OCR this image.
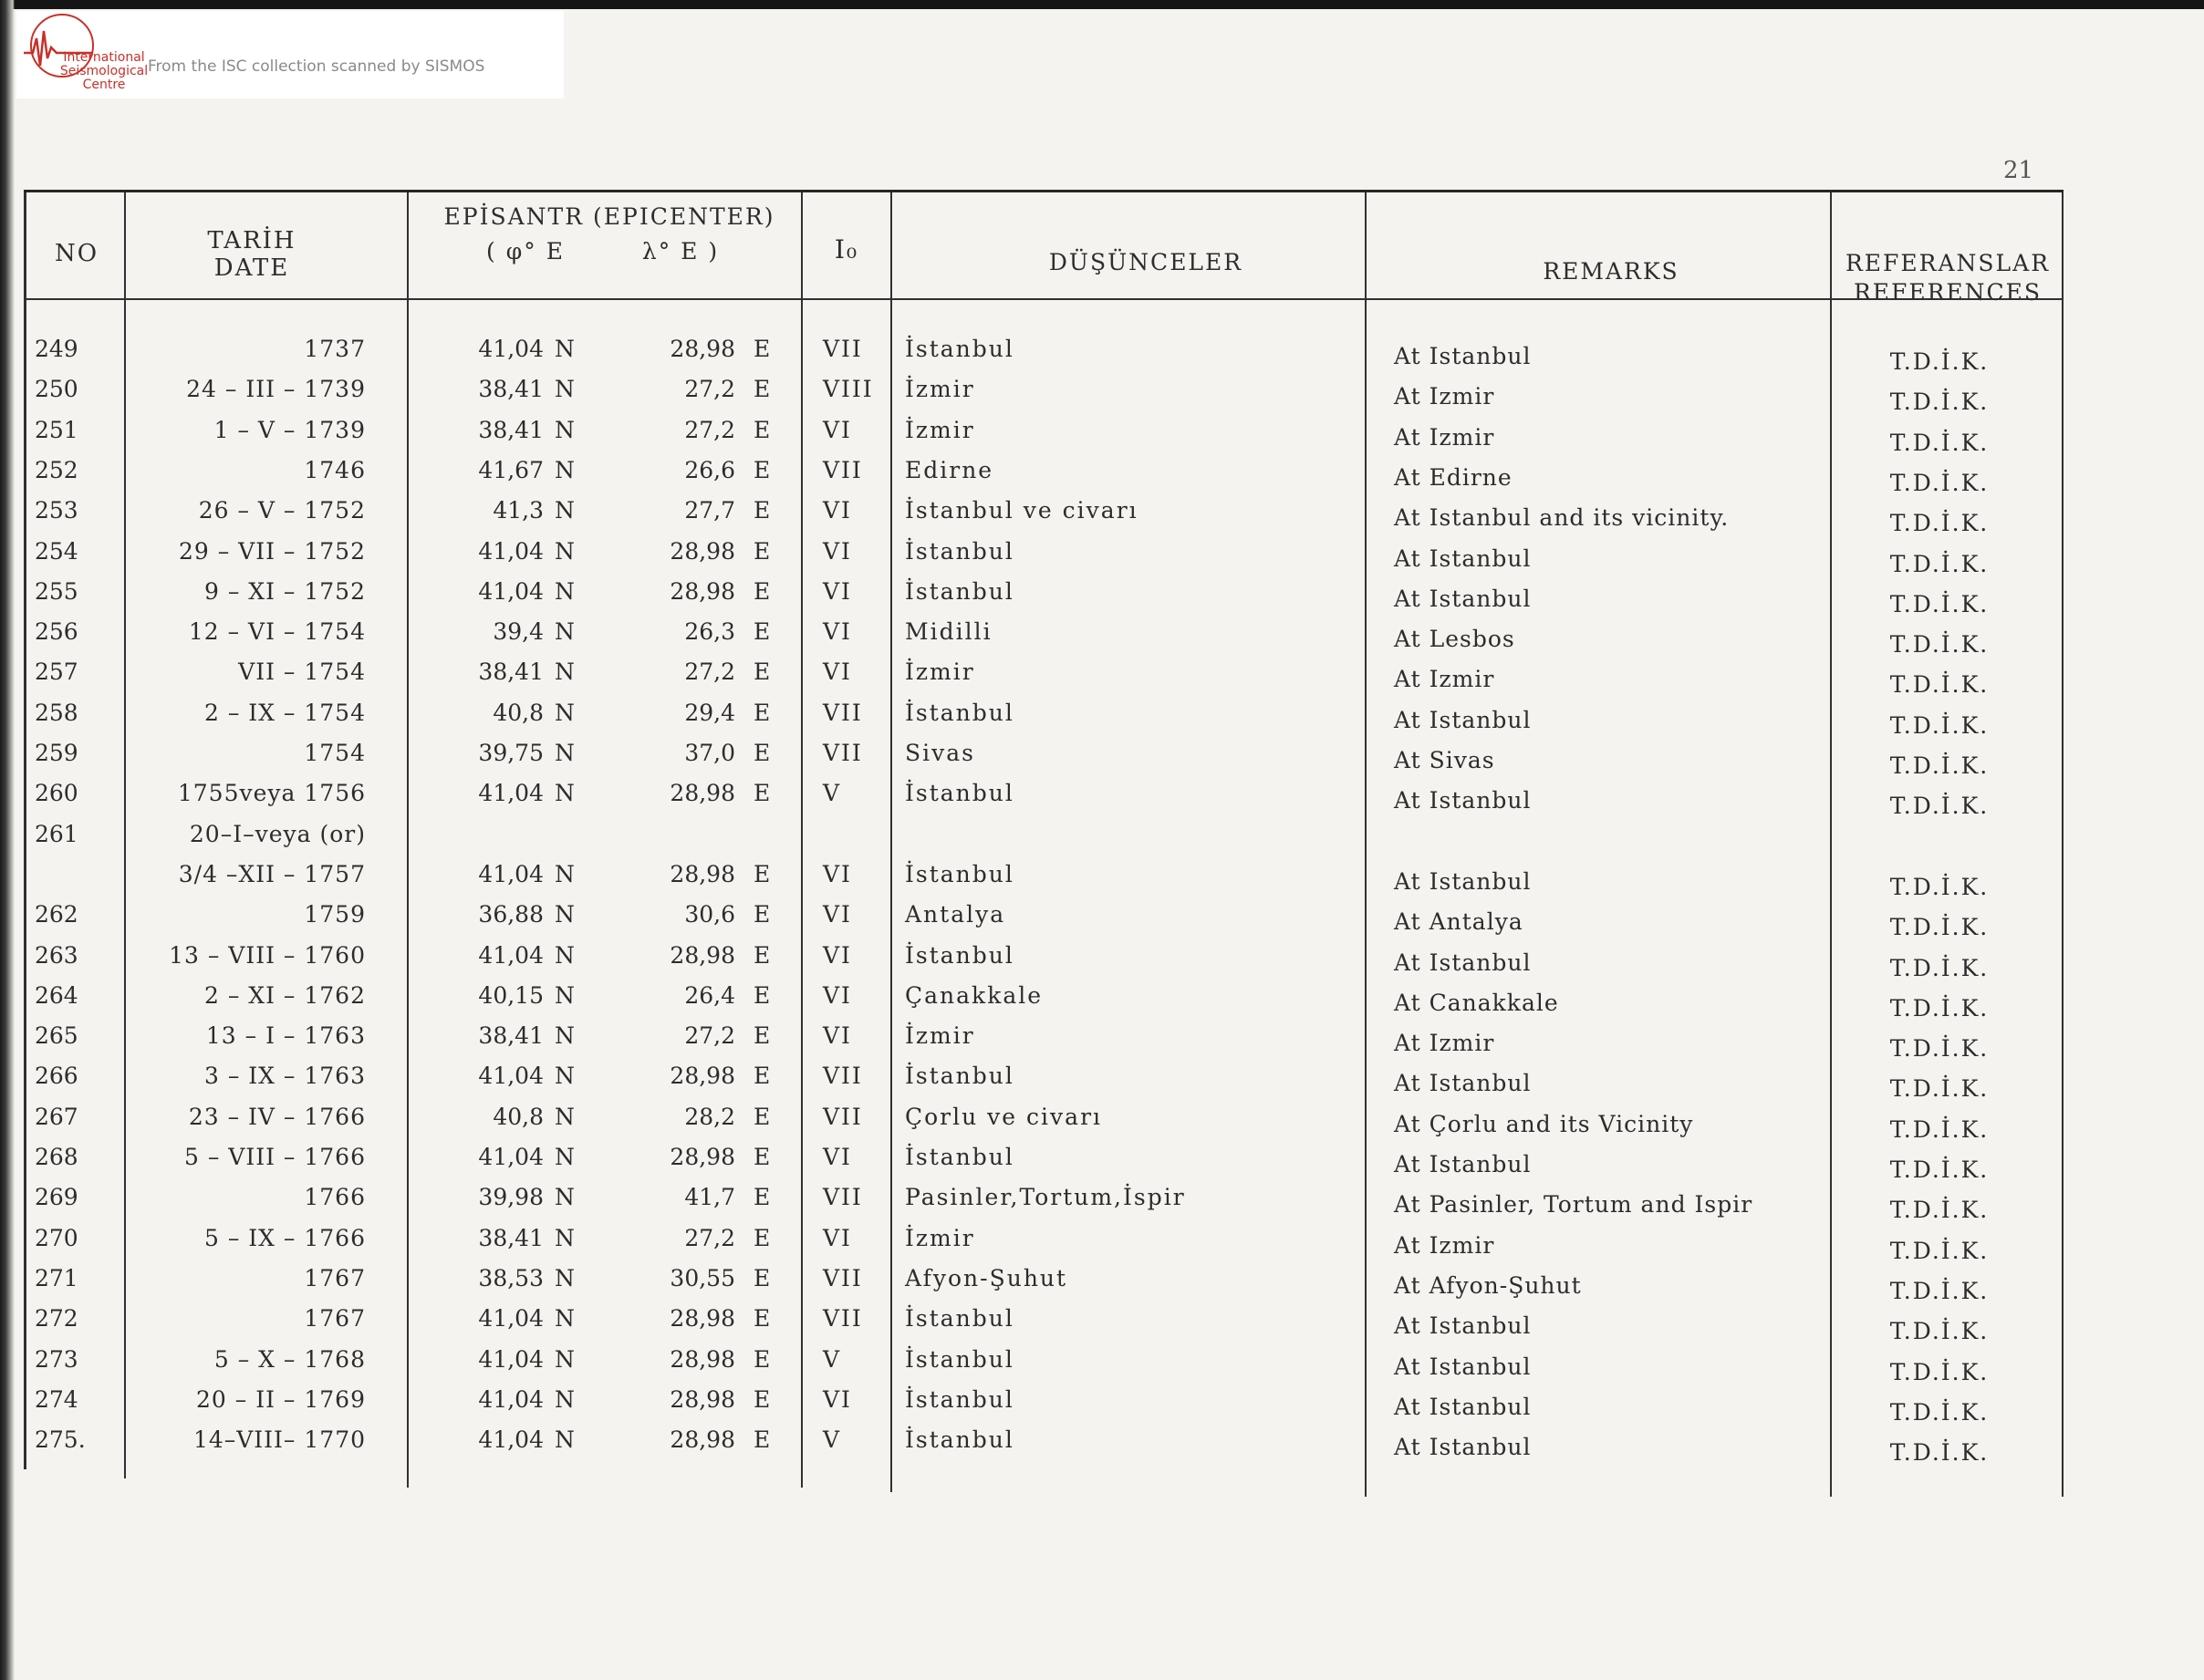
International Seismological Centre
From the ISC collection scanned by SISMOS
21
NO	TARİH
DATE
EPİSANTR (EPICENTER)
( φ° E	λ° E )	I₀	DÜŞÜNCELER	REMARKS	REFERANSLAR
REFERENCES
249	1737	41,04 N	28,98 E	VII	İstanbul	At Istanbul	T.D.İ.K.
250	24 – III – 1739	38,41 N	27,2 E	VIII	İzmir	At Izmir	T.D.İ.K.
251	1 – V – 1739	38,41 N	27,2 E	VI	İzmir	At Izmir	T.D.İ.K.
252	1746	41,67 N	26,6 E	VII	Edirne	At Edirne	T.D.İ.K.
253	26 – V – 1752	41,3 N	27,7 E	VI	İstanbul ve civarı	At Istanbul and its vicinity.	T.D.İ.K.
254	29 – VII – 1752	41,04 N	28,98 E	VI	İstanbul	At Istanbul	T.D.İ.K.
255	9 – XI – 1752	41,04 N	28,98 E	VI	İstanbul	At Istanbul	T.D.İ.K.
256	12 – VI – 1754	39,4 N	26,3 E	VI	Midilli	At Lesbos	T.D.İ.K.
257	VII – 1754	38,41 N	27,2 E	VI	İzmir	At Izmir	T.D.İ.K.
258	2 – IX – 1754	40,8 N	29,4 E	VII	İstanbul	At Istanbul	T.D.İ.K.
259	1754	39,75 N	37,0 E	VII	Sivas	At Sivas	T.D.İ.K.
260	1755veya 1756	41,04 N	28,98 E	V	İstanbul	At Istanbul	T.D.İ.K.
261	20–I–veya (or)
3/4 –XII – 1757	41,04 N	28,98 E	VI	İstanbul	At Istanbul	T.D.İ.K.
262	1759	36,88 N	30,6 E	VI	Antalya	At Antalya	T.D.İ.K.
263	13 – VIII – 1760	41,04 N	28,98 E	VI	İstanbul	At Istanbul	T.D.İ.K.
264	2 – XI – 1762	40,15 N	26,4 E	VI	Çanakkale	At Canakkale	T.D.İ.K.
265	13 – I – 1763	38,41 N	27,2 E	VI	İzmir	At Izmir	T.D.İ.K.
266	3 – IX – 1763	41,04 N	28,98 E	VII	İstanbul	At Istanbul	T.D.İ.K.
267	23 – IV – 1766	40,8 N	28,2 E	VII	Çorlu ve civarı	At Çorlu and its Vicinity	T.D.İ.K.
268	5 – VIII – 1766	41,04 N	28,98 E	VI	İstanbul	At Istanbul	T.D.İ.K.
269	1766	39,98 N	41,7 E	VII	Pasinler,Tortum,İspir	At Pasinler, Tortum and Ispir	T.D.İ.K.
270	5 – IX – 1766	38,41 N	27,2 E	VI	İzmir	At Izmir	T.D.İ.K.
271	1767	38,53 N	30,55 E	VII	Afyon-Şuhut	At Afyon-Şuhut	T.D.İ.K.
272	1767	41,04 N	28,98 E	VII	İstanbul	At Istanbul	T.D.İ.K.
273	5 – X – 1768	41,04 N	28,98 E	V	İstanbul	At Istanbul	T.D.İ.K.
274	20 – II – 1769	41,04 N	28,98 E	VI	İstanbul	At Istanbul	T.D.İ.K.
275.	14–VIII– 1770	41,04 N	28,98 E	V	İstanbul	At Istanbul	T.D.İ.K.
